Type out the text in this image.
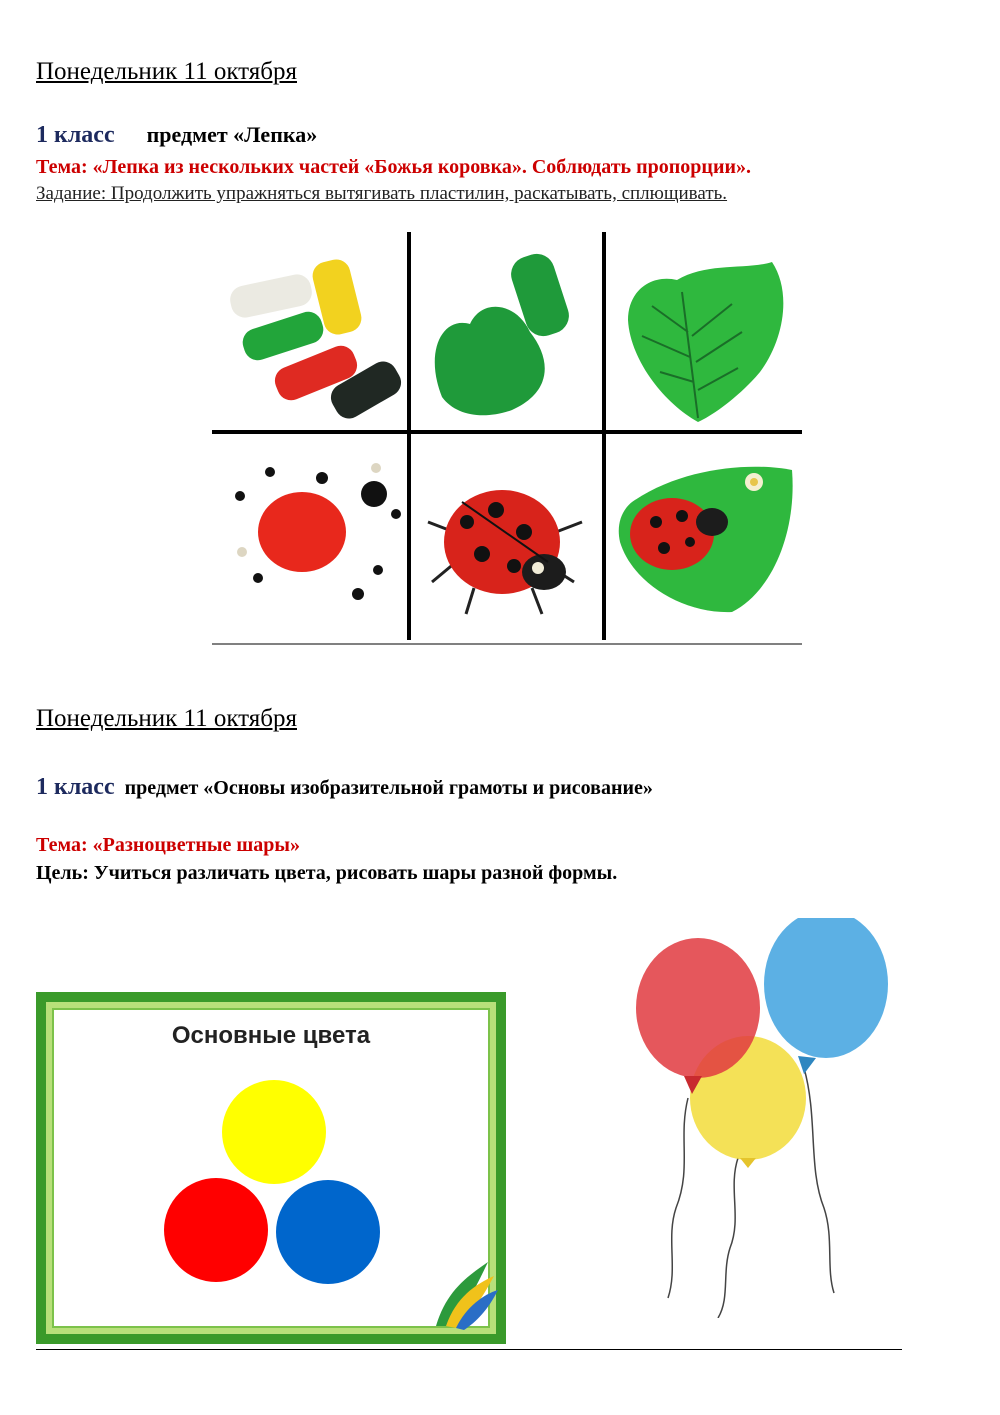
Понедельник 11 октября
1 класс предмет «Лепка»
Тема: «Лепка из нескольких частей «Божья коровка». Соблюдать пропорции».
Задание: Продолжить упражняться вытягивать пластилин, раскатывать, сплющивать.
Понедельник 11 октября
1 класс предмет «Основы изобразительной грамоты и рисование»
Тема: «Разноцветные шары»
Цель: Учиться различать цвета, рисовать шары разной формы.
Основные цвета
